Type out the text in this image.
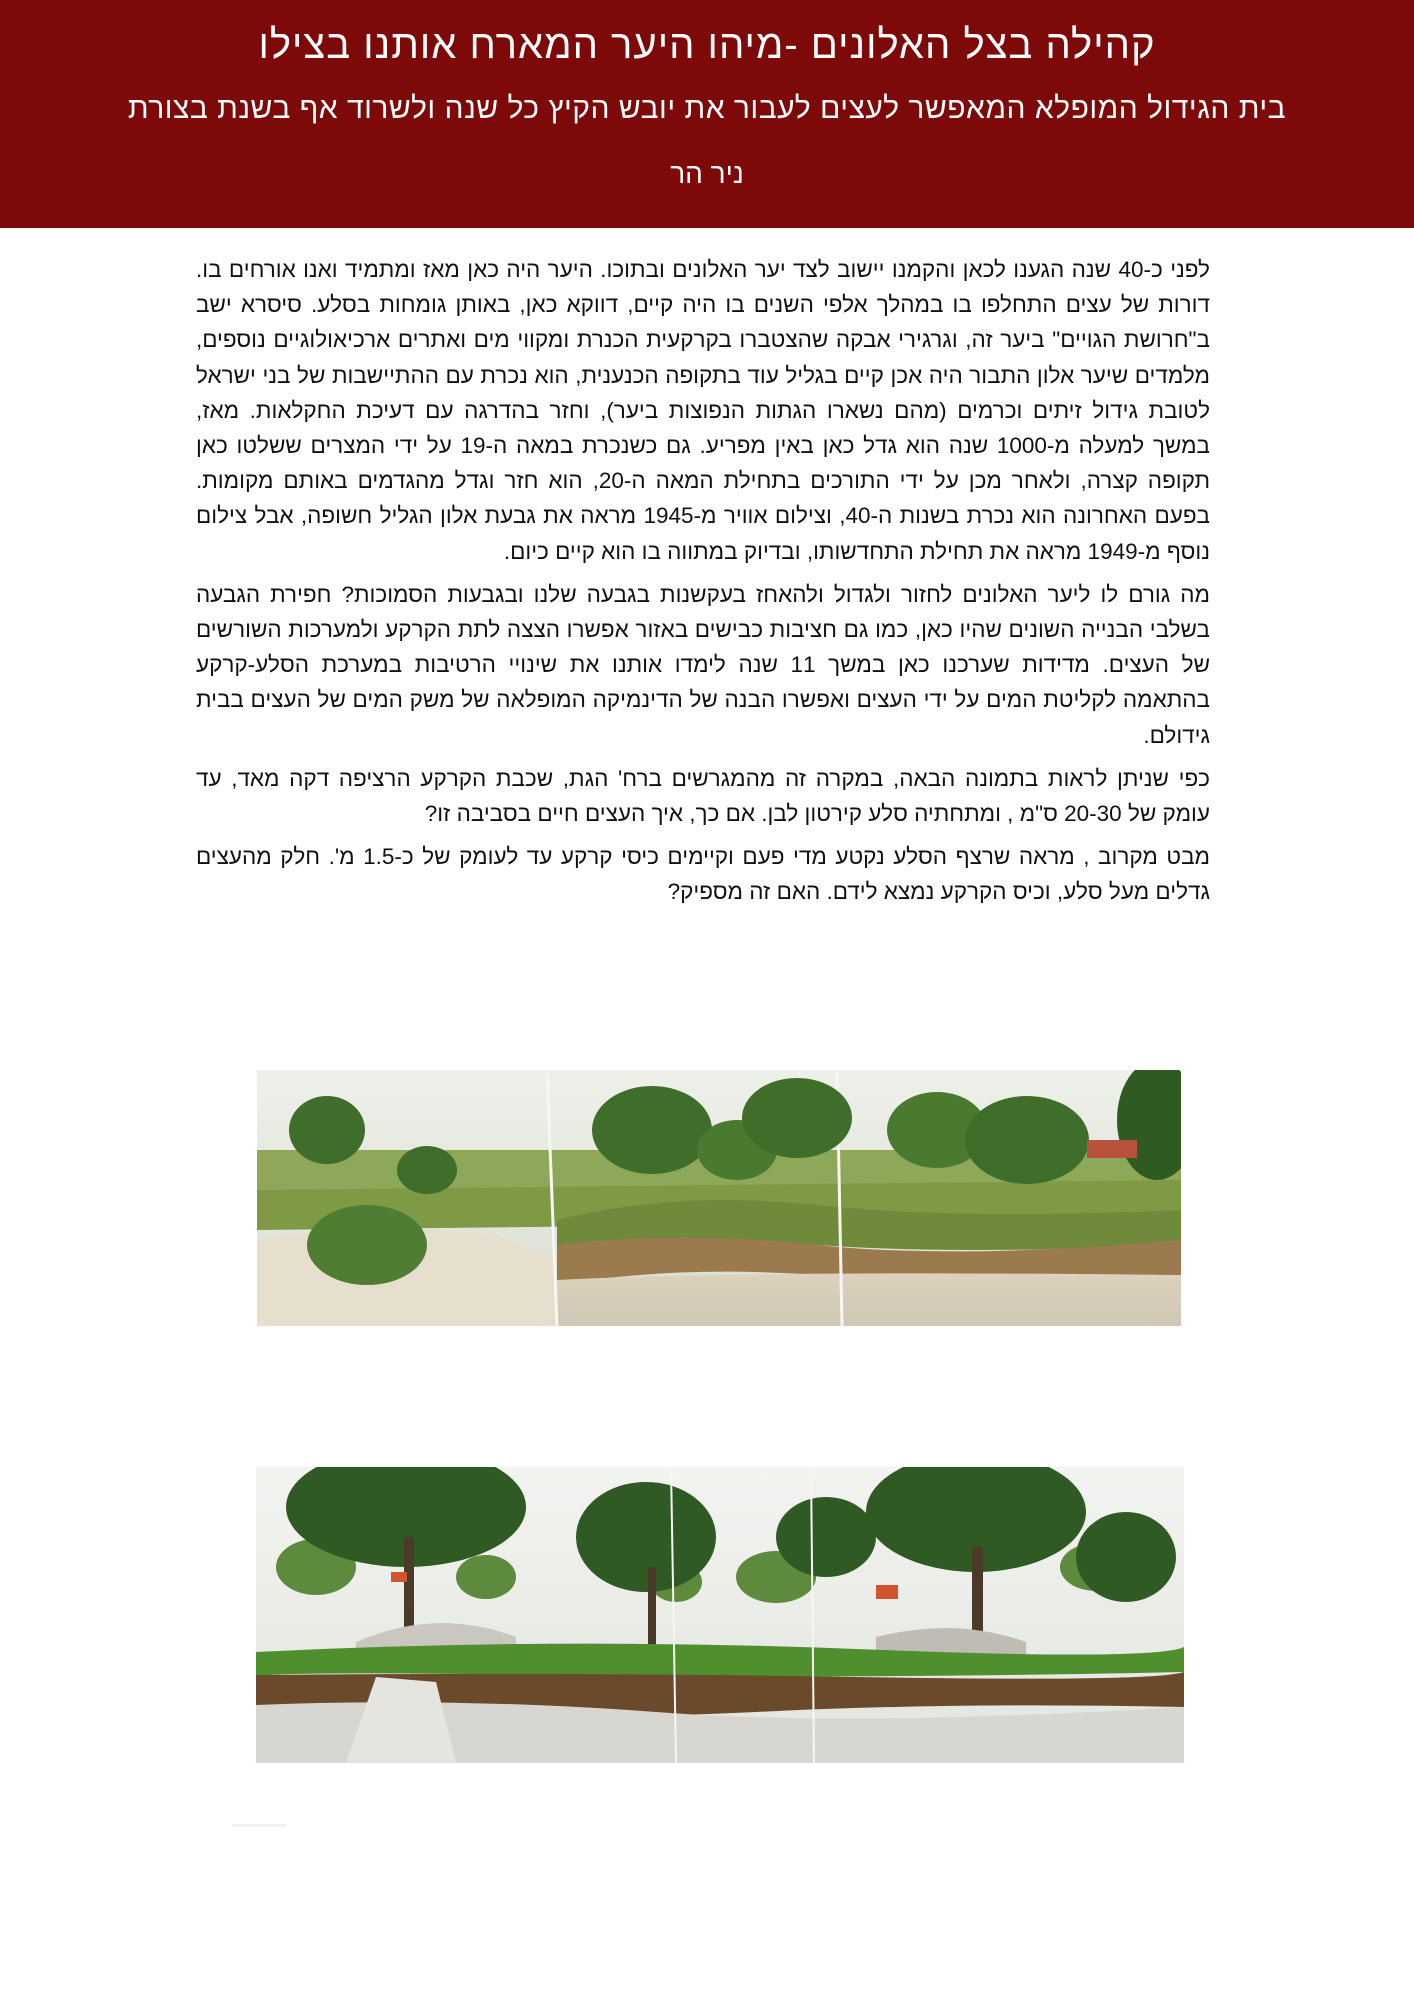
קהילה בצל האלונים -מיהו היער המארח אותנו בצילו
בית הגידול המופלא המאפשר לעצים לעבור את יובש הקיץ כל שנה ולשרוד אף בשנת בצורת
ניר הר

לפני כ-40 שנה הגענו לכאן והקמנו יישוב לצד יער האלונים ובתוכו. היער היה כאן מאז ומתמיד ואנו אורחים בו. דורות של עצים התחלפו בו במהלך אלפי השנים בו היה קיים, דווקא כאן, באותן גומחות בסלע. סיסרא ישב ב"חרושת הגויים" ביער זה, וגרגירי אבקה שהצטברו בקרקעית הכנרת ומקווי מים ואתרים ארכיאולוגיים נוספים, מלמדים שיער אלון התבור היה אכן קיים בגליל עוד בתקופה הכנענית, הוא נכרת עם ההתיישבות של בני ישראל לטובת גידול זיתים וכרמים (מהם נשארו הגתות הנפוצות ביער), וחזר בהדרגה עם דעיכת החקלאות. מאז, במשך למעלה מ-1000 שנה הוא גדל כאן באין מפריע. גם כשנכרת במאה ה-19 על ידי המצרים ששלטו כאן תקופה קצרה, ולאחר מכן על ידי התורכים בתחילת המאה ה-20, הוא חזר וגדל מהגדמים באותם מקומות. בפעם האחרונה הוא נכרת בשנות ה-40, וצילום אוויר מ-1945 מראה את גבעת אלון הגליל חשופה, אבל צילום נוסף מ-1949 מראה את תחילת התחדשותו, ובדיוק במתווה בו הוא קיים כיום.

מה גורם לו ליער האלונים לחזור ולגדול ולהאחז בעקשנות בגבעה שלנו ובגבעות הסמוכות? חפירת הגבעה בשלבי הבנייה השונים שהיו כאן, כמו גם חציבות כבישים באזור אפשרו הצצה לתת הקרקע ולמערכות השורשים של העצים. מדידות שערכנו כאן במשך 11 שנה לימדו אותנו את שינויי הרטיבות במערכת הסלע-קרקע בהתאמה לקליטת המים על ידי העצים ואפשרו הבנה של הדינמיקה המופלאה של משק המים של העצים בבית גידולם.

כפי שניתן לראות בתמונה הבאה, במקרה זה מהמגרשים ברח' הגת, שכבת הקרקע הרציפה דקה מאד, עד עומק של 20-30 ס"מ , ומתחתיה סלע קירטון לבן. אם כך, איך העצים חיים בסביבה זו?

מבט מקרוב , מראה שרצף הסלע נקטע מדי פעם וקיימים כיסי קרקע עד לעומק של כ-1.5 מ'. חלק מהעצים גדלים מעל סלע, וכיס הקרקע נמצא לידם. האם זה מספיק?
